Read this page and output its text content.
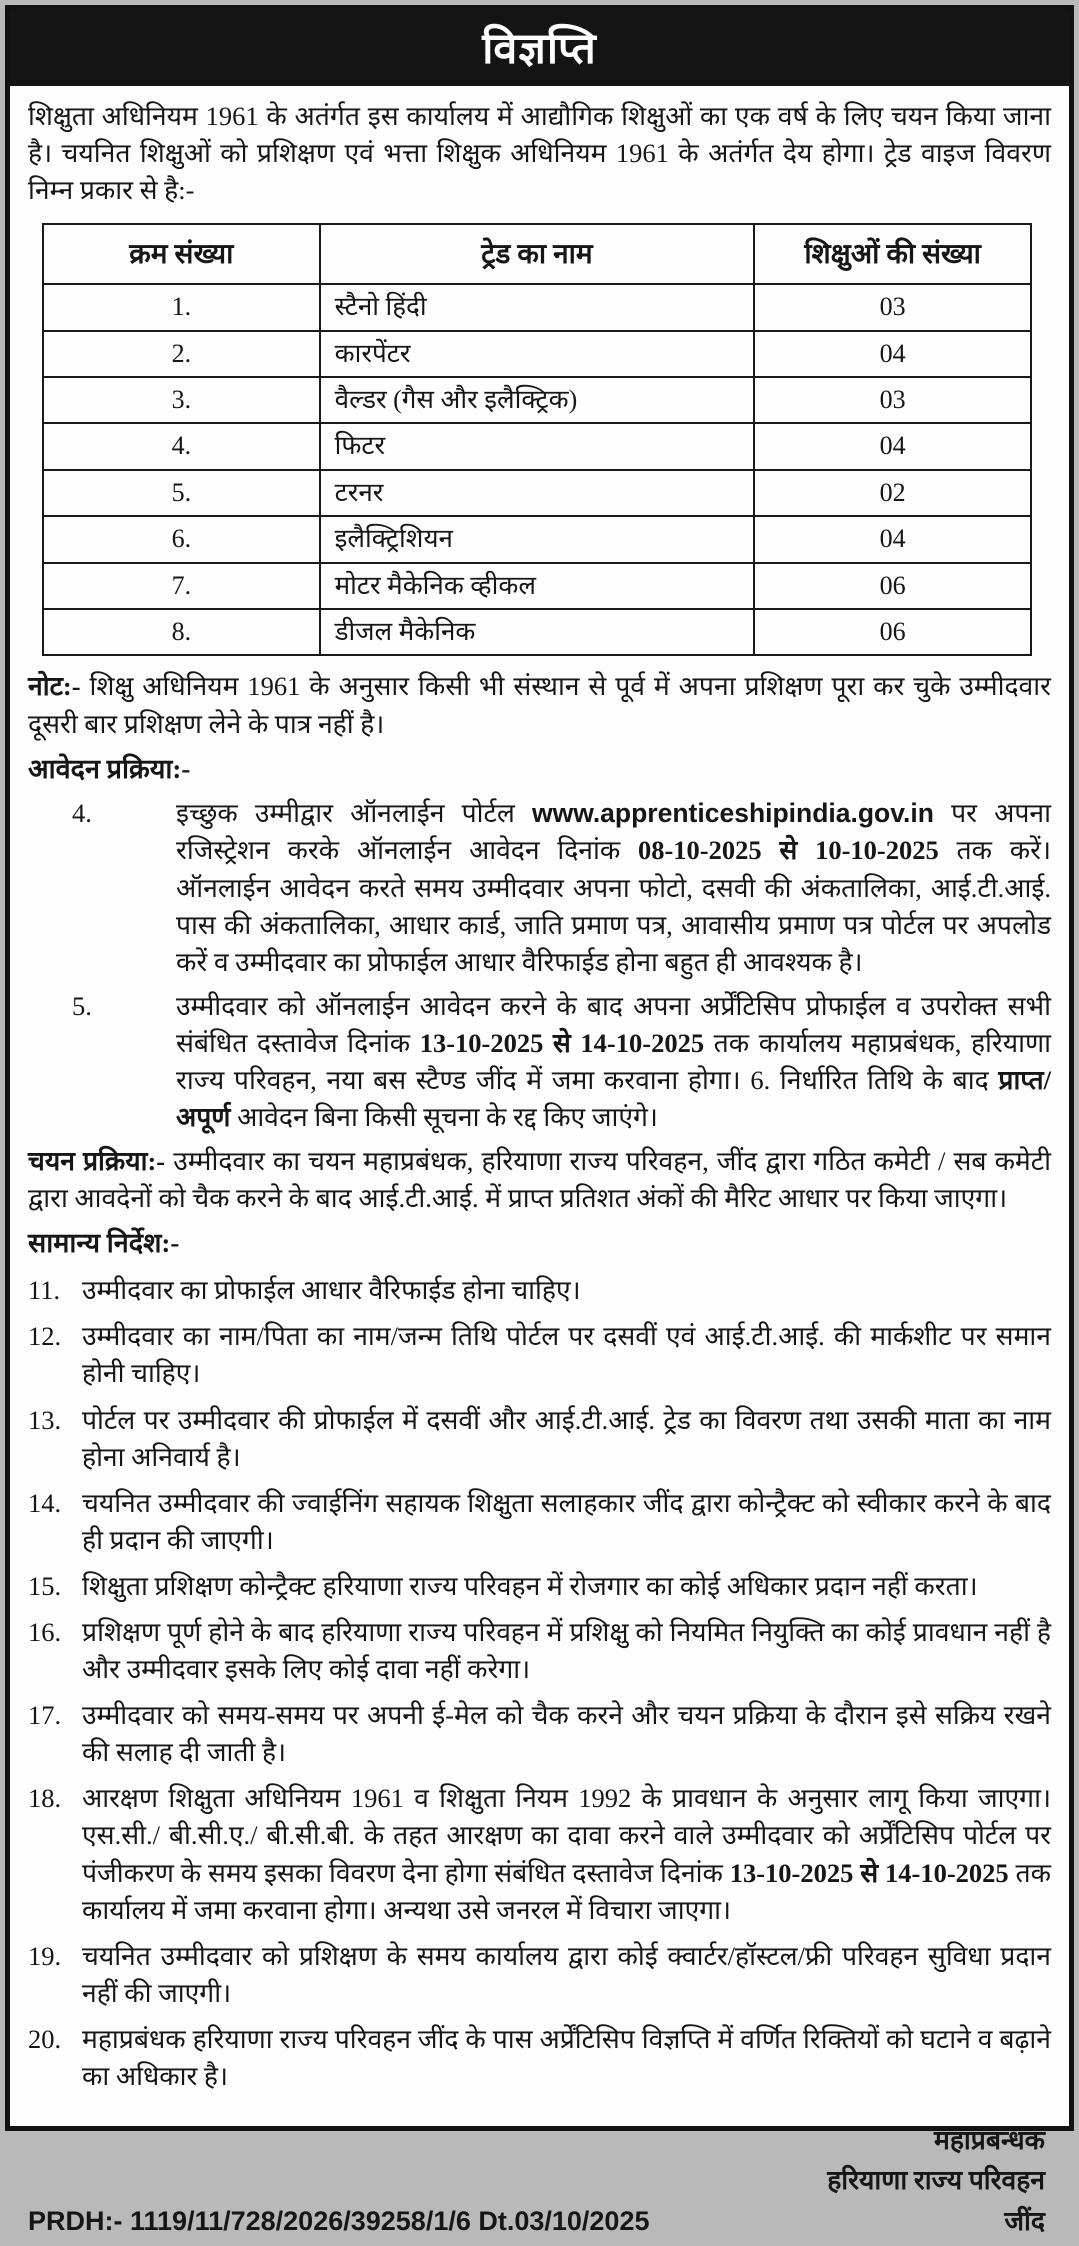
विज्ञप्ति

शिक्षुता अधिनियम 1961 के अतंर्गत इस कार्यालय में आद्यौगिक शिक्षुओं का एक वर्ष के लिए चयन किया जाना है। चयनित शिक्षुओं को प्रशिक्षण एवं भत्ता शिक्षुक अधिनियम 1961 के अतंर्गत देय होगा। ट्रेड वाइज विवरण निम्न प्रकार से है:-

क्रम संख्या	ट्रेड का नाम	शिक्षुओं की संख्या
1.	स्टैनो हिंदी	03
2.	कारपेंटर	04
3.	वैल्डर (गैस और इलैक्ट्रिक)	03
4.	फिटर	04
5.	टरनर	02
6.	इलैक्ट्रिशियन	04
7.	मोटर मैकेनिक व्हीकल	06
8.	डीजल मैकेनिक	06

नोट:- शिक्षु अधिनियम 1961 के अनुसार किसी भी संस्थान से पूर्व में अपना प्रशिक्षण पूरा कर चुके उम्मीदवार दूसरी बार प्रशिक्षण लेने के पात्र नहीं है।

आवेदन प्रक्रिया:-
4.	इच्छुक उम्मीद्वार ऑनलाईन पोर्टल www.apprenticeshipindia.gov.in पर अपना रजिस्ट्रेशन करके ऑनलाईन आवेदन दिनांक 08-10-2025 से 10-10-2025 तक करें। ऑनलाईन आवेदन करते समय उम्मीदवार अपना फोटो, दसवी की अंकतालिका, आई.टी.आई. पास की अंकतालिका, आधार कार्ड, जाति प्रमाण पत्र, आवासीय प्रमाण पत्र पोर्टल पर अपलोड करें व उम्मीदवार का प्रोफाईल आधार वैरिफाईड होना बहुत ही आवश्यक है।
5.	उम्मीदवार को ऑनलाईन आवेदन करने के बाद अपना अर्प्रेंटिसिप प्रोफाईल व उपरोक्त सभी संबंधित दस्तावेज दिनांक 13-10-2025 से 14-10-2025 तक कार्यालय महाप्रबंधक, हरियाणा राज्य परिवहन, नया बस स्टैण्ड जींद में जमा करवाना होगा। 6. निर्धारित तिथि के बाद प्राप्त/अपूर्ण आवेदन बिना किसी सूचना के रद्द किए जाएंगे।

चयन प्रक्रिया:- उम्मीदवार का चयन महाप्रबंधक, हरियाणा राज्य परिवहन, जींद द्वारा गठित कमेटी / सब कमेटी द्वारा आवदेनों को चैक करने के बाद आई.टी.आई. में प्राप्त प्रतिशत अंकों की मैरिट आधार पर किया जाएगा।

सामान्य निर्देश:-
11. उम्मीदवार का प्रोफाईल आधार वैरिफाईड होना चाहिए।
12. उम्मीदवार का नाम/पिता का नाम/जन्म तिथि पोर्टल पर दसवीं एवं आई.टी.आई. की मार्कशीट पर समान होनी चाहिए।
13. पोर्टल पर उम्मीदवार की प्रोफाईल में दसवीं और आई.टी.आई. ट्रेड का विवरण तथा उसकी माता का नाम होना अनिवार्य है।
14. चयनित उम्मीदवार की ज्वाईनिंग सहायक शिक्षुता सलाहकार जींद द्वारा कोन्ट्रैक्ट को स्वीकार करने के बाद ही प्रदान की जाएगी।
15. शिक्षुता प्रशिक्षण कोन्ट्रैक्ट हरियाणा राज्य परिवहन में रोजगार का कोई अधिकार प्रदान नहीं करता।
16. प्रशिक्षण पूर्ण होने के बाद हरियाणा राज्य परिवहन में प्रशिक्षु को नियमित नियुक्ति का कोई प्रावधान नहीं है और उम्मीदवार इसके लिए कोई दावा नहीं करेगा।
17. उम्मीदवार को समय-समय पर अपनी ई-मेल को चैक करने और चयन प्रक्रिया के दौरान इसे सक्रिय रखने की सलाह दी जाती है।
18. आरक्षण शिक्षुता अधिनियम 1961 व शिक्षुता नियम 1992 के प्रावधान के अनुसार लागू किया जाएगा। एस.सी./ बी.सी.ए./ बी.सी.बी. के तहत आरक्षण का दावा करने वाले उम्मीदवार को अर्प्रेंटिसिप पोर्टल पर पंजीकरण के समय इसका विवरण देना होगा संबंधित दस्तावेज दिनांक 13-10-2025 से 14-10-2025 तक कार्यालय में जमा करवाना होगा। अन्यथा उसे जनरल में विचारा जाएगा।
19. चयनित उम्मीदवार को प्रशिक्षण के समय कार्यालय द्वारा कोई क्वार्टर/हॉस्टल/फ्री परिवहन सुविधा प्रदान नहीं की जाएगी।
20. महाप्रबंधक हरियाणा राज्य परिवहन जींद के पास अर्प्रेंटिसिप विज्ञप्ति में वर्णित रिक्तियों को घटाने व बढ़ाने का अधिकार है।
महाप्रबन्धक
हरियाणा राज्य परिवहन
PRDH:- 1119/11/728/2026/39258/1/6 Dt.03/10/2025	जींद
